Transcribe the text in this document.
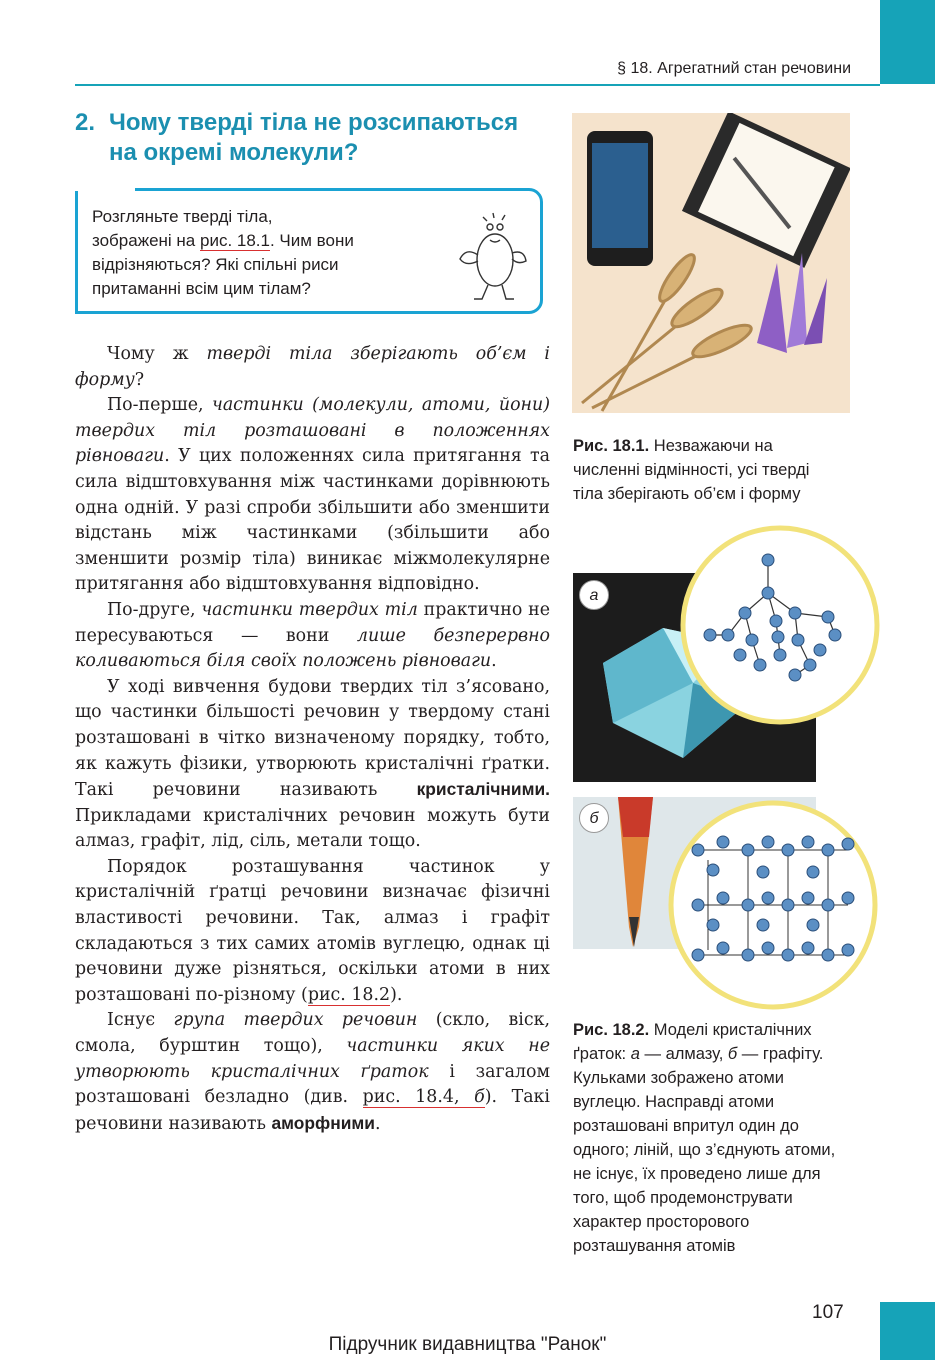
§ 18. Агрегатний стан речовини
2. Чому тверді тіла не розсипаються
на окремі молекули?
Розгляньте тверді тіла,
зображені на рис. 18.1. Чим вони
відрізняються? Які спільні риси
притаманні всім цим тілам?

Чому ж тверді тіла зберігають об’єм і форму?

По-перше, частинки (молекули, атоми, йони) твердих тіл розташовані в положеннях рівноваги. У цих положеннях сила притягання та сила відштовхування між частинками дорівнюють одна одній. У разі спроби збільшити або зменшити відстань між частинками (збільшити або зменшити розмір тіла) виникає міжмолекулярне притягання або відштовхування відповідно.

По-друге, частинки твердих тіл практично не пересуваються — вони лише безперервно коливаються біля своїх положень рівноваги.

У ході вивчення будови твердих тіл з’ясовано, що частинки більшості речовин у твердому стані розташовані в чітко визначеному порядку, тобто, як кажуть фізики, утворюють кристалічні ґратки. Такі речовини називають кристалічними. Прикладами кристалічних речовин можуть бути алмаз, графіт, лід, сіль, метали тощо.

Порядок розташування частинок у кристалічній ґратці речовини визначає фізичні властивості речовини. Так, алмаз і графіт складаються з тих самих атомів вуглецю, однак ці речовини дуже різняться, оскільки атоми в них розташовані по-різному (рис. 18.2).

Існує група твердих речовин (скло, віск, смола, бурштин тощо), частинки яких не утворюють кристалічних ґраток і загалом розташовані безладно (див. рис. 18.4, б). Такі речовини називають аморфними.

Рис. 18.1. Незважаючи на численні відмінності, усі тверді тіла зберігають об’єм і форму
а
б
Рис. 18.2. Моделі кристалічних ґраток: а — алмазу, б — графіту. Кульками зображено атоми вуглецю. Насправді атоми розташовані впритул один до одного; ліній, що з’єднують атоми, не існує, їх проведено лише для того, щоб продемонструвати характер просторового розташування атомів
107
Підручник видавництва "Ранок"
